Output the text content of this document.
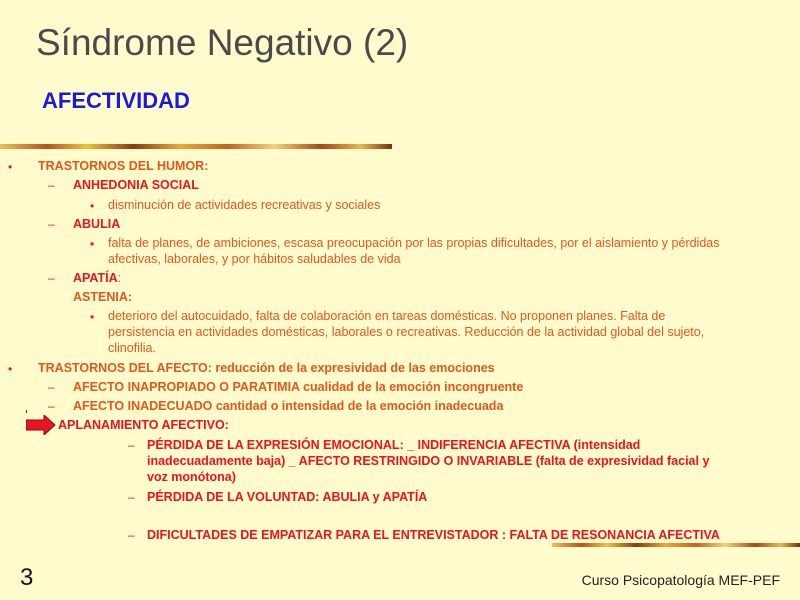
Síndrome Negativo (2)
AFECTIVIDAD
• TRASTORNOS DEL HUMOR:
– ANHEDONIA SOCIAL
• disminución de actividades recreativas y sociales
– ABULIA
• falta de planes, de ambiciones, escasa preocupación por las propias dificultades, por el aislamiento y pérdidas
afectivas, laborales, y por hábitos saludables de vida
– APATÍA:
ASTENIA:
• deterioro del autocuidado, falta de colaboración en tareas domésticas. No proponen planes. Falta de
persistencia en actividades domésticas, laborales o recreativas. Reducción de la actividad global del sujeto,
clinofilia.
• TRASTORNOS DEL AFECTO: reducción de la expresividad de las emociones
– AFECTO INAPROPIADO O PARATIMIA cualidad de la emoción incongruente
– AFECTO INADECUADO cantidad o intensidad de la emoción inadecuada
APLANAMIENTO AFECTIVO:
– PÉRDIDA DE LA EXPRESIÓN EMOCIONAL: _ INDIFERENCIA AFECTIVA (intensidad
inadecuadamente baja) _ AFECTO RESTRINGIDO O INVARIABLE (falta de expresividad facial y
voz monótona)
– PÉRDIDA DE LA VOLUNTAD: ABULIA y APATÍA
– DIFICULTADES DE EMPATIZAR PARA EL ENTREVISTADOR : FALTA DE RESONANCIA AFECTIVA
3	Curso Psicopatología MEF-PEF
